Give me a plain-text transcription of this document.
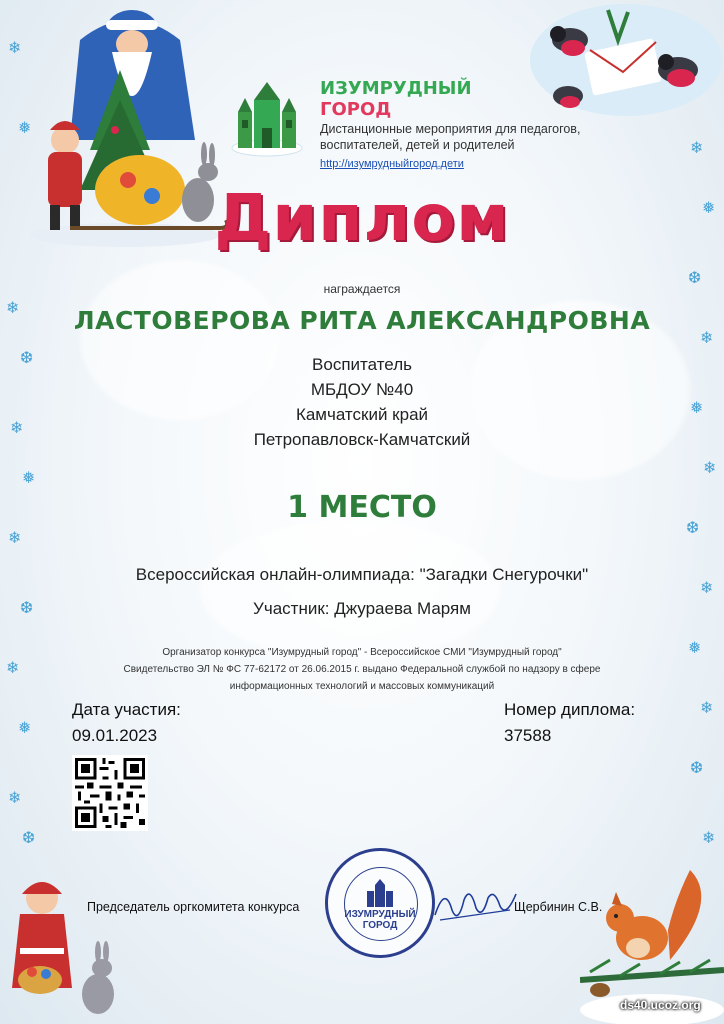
❄
❅
❄
❆
❄
❅
❄
❆
❄
❅
❄
❆
❄
❅
❆
❄
❅
❄
❆
❄
❅
❄
❆
❄
ИЗУМРУДНЫЙ
ГОРОД
Дистанционные мероприятия для педагогов,
воспитателей, детей и родителей
http://изумрудныйгород.дети
Диплом
награждается
ЛАСТОВЕРОВА РИТА АЛЕКСАНДРОВНА
Воспитатель
МБДОУ №40
Камчатский край
Петропавловск-Камчатский
1 МЕСТО
Всероссийская онлайн-олимпиада: "Загадки Снегурочки"
Участник: Джураева Марям
Организатор конкурса "Изумрудный город" - Всероссийское СМИ "Изумрудный город"
Свидетельство ЭЛ № ФС 77-62172 от 26.06.2015 г. выдано Федеральной службой по надзору в сфере
информационных технологий и массовых коммуникаций
Дата участия:
09.01.2023
Номер диплома:
37588
Председатель оргкомитета конкурса
ИЗУМРУДНЫЙ
ГОРОД
Щербинин С.В.
ds40.ucoz.org
